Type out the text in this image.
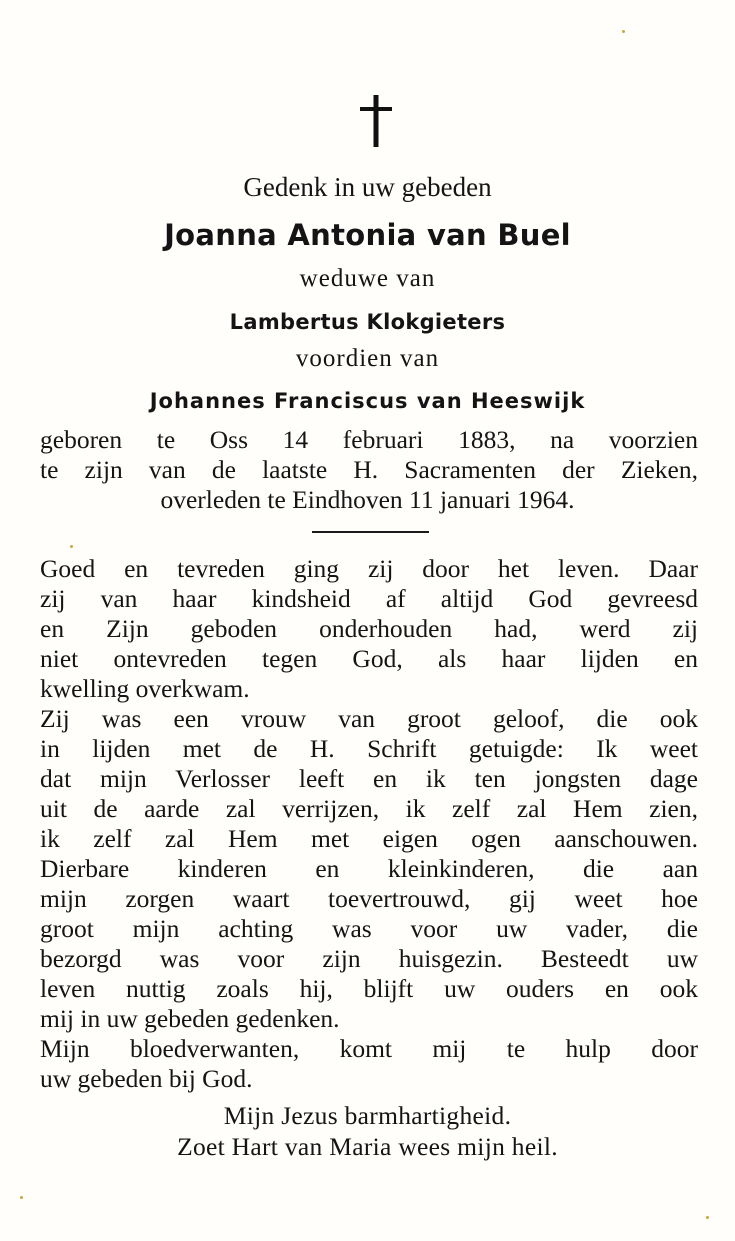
Gedenk in uw gebeden
Joanna Antonia van Buel
weduwe van
Lambertus Klokgieters
voordien van
Johannes Franciscus van Heeswijk
geboren te Oss 14 februari 1883, na voorzien
te zijn van de laatste H. Sacramenten der Zieken,
overleden te Eindhoven 11 januari 1964.
Goed en tevreden ging zij door het leven. Daar
zij van haar kindsheid af altijd God gevreesd
en Zijn geboden onderhouden had, werd zij
niet ontevreden tegen God, als haar lijden en
kwelling overkwam.
Zij was een vrouw van groot geloof, die ook
in lijden met de H. Schrift getuigde: Ik weet
dat mijn Verlosser leeft en ik ten jongsten dage
uit de aarde zal verrijzen, ik zelf zal Hem zien,
ik zelf zal Hem met eigen ogen aanschouwen.
Dierbare kinderen en kleinkinderen, die aan
mijn zorgen waart toevertrouwd, gij weet hoe
groot mijn achting was voor uw vader, die
bezorgd was voor zijn huisgezin. Besteedt uw
leven nuttig zoals hij, blijft uw ouders en ook
mij in uw gebeden gedenken.
Mijn bloedverwanten, komt mij te hulp door
uw gebeden bij God.
Mijn Jezus barmhartigheid.
Zoet Hart van Maria wees mijn heil.
